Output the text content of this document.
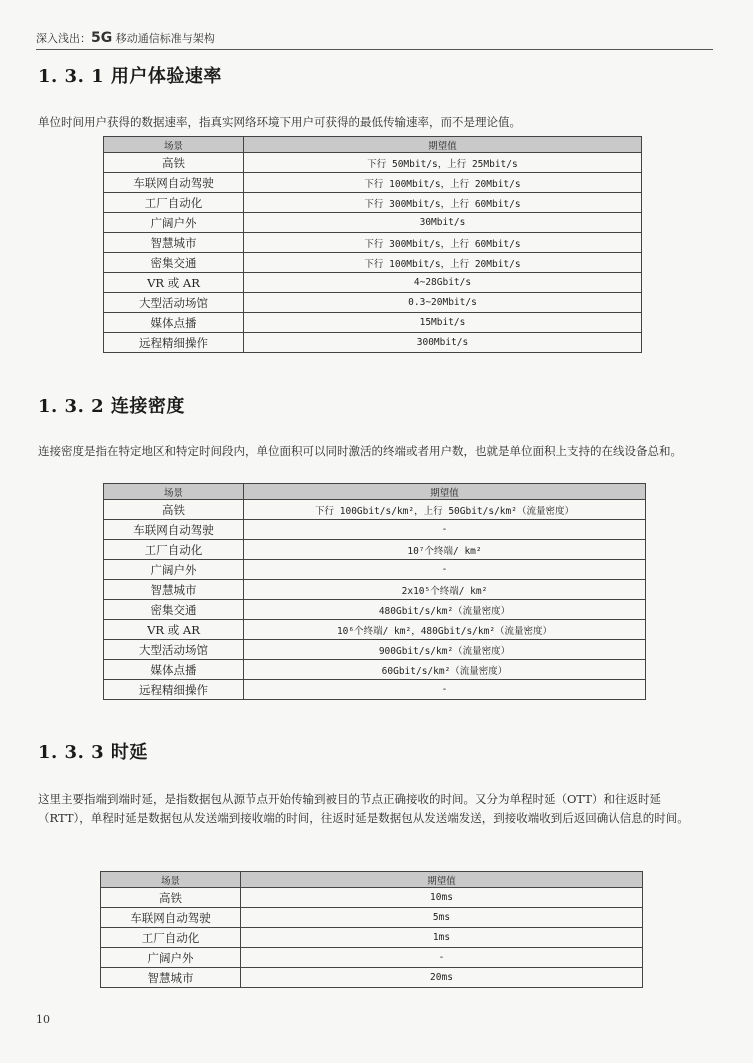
深入浅出：5G 移动通信标准与架构
1. 3. 1 用户体验速率

单位时间用户获得的数据速率，指真实网络环境下用户可获得的最低传输速率，而不是理论值。

场景	期望值
高铁	下行 50Mbit/s，上行 25Mbit/s
车联网自动驾驶	下行 100Mbit/s，上行 20Mbit/s
工厂自动化	下行 300Mbit/s，上行 60Mbit/s
广阔户外	30Mbit/s
智慧城市	下行 300Mbit/s，上行 60Mbit/s
密集交通	下行 100Mbit/s，上行 20Mbit/s
VR 或 AR	4~28Gbit/s
大型活动场馆	0.3~20Mbit/s
媒体点播	15Mbit/s
远程精细操作	300Mbit/s
1. 3. 2 连接密度

连接密度是指在特定地区和特定时间段内，单位面积可以同时激活的终端或者用户数，也就是单位面积上支持的在线设备总和。

场景	期望值
高铁	下行 100Gbit/s/km²，上行 50Gbit/s/km²（流量密度）
车联网自动驾驶	-
工厂自动化	10⁷个终端/ km²
广阔户外	-
智慧城市	2x10⁵个终端/ km²
密集交通	480Gbit/s/km²（流量密度）
VR 或 AR	10⁶个终端/ km²，480Gbit/s/km²（流量密度）
大型活动场馆	900Gbit/s/km²（流量密度）
媒体点播	60Gbit/s/km²（流量密度）
远程精细操作	-
1. 3. 3 时延

这里主要指端到端时延，是指数据包从源节点开始传输到被目的节点正确接收的时间。又分为单程时延（OTT）和往返时延（RTT），单程时延是数据包从发送端到接收端的时间，往返时延是数据包从发送端发送，到接收端收到后返回确认信息的时间。

场景	期望值
高铁	10ms
车联网自动驾驶	5ms
工厂自动化	1ms
广阔户外	-
智慧城市	20ms
10
